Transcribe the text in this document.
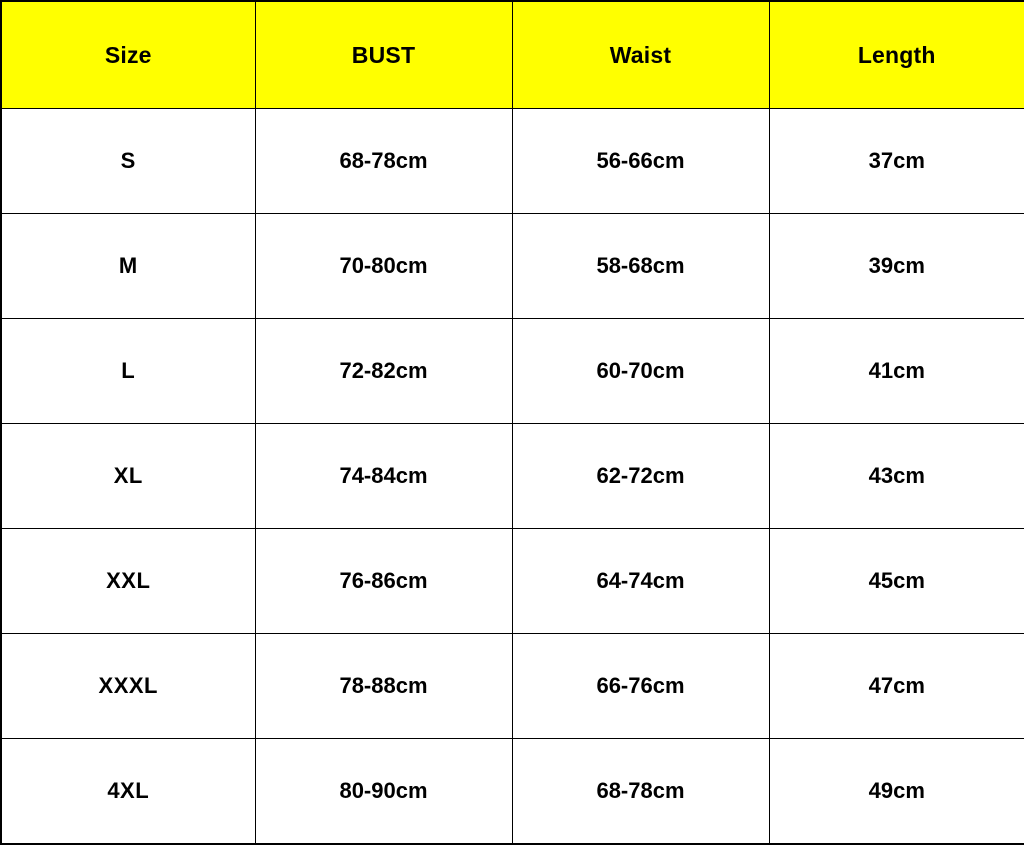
Size	BUST	Waist	Length
S	68-78cm	56-66cm	37cm
M	70-80cm	58-68cm	39cm
L	72-82cm	60-70cm	41cm
XL	74-84cm	62-72cm	43cm
XXL	76-86cm	64-74cm	45cm
XXXL	78-88cm	66-76cm	47cm
4XL	80-90cm	68-78cm	49cm
